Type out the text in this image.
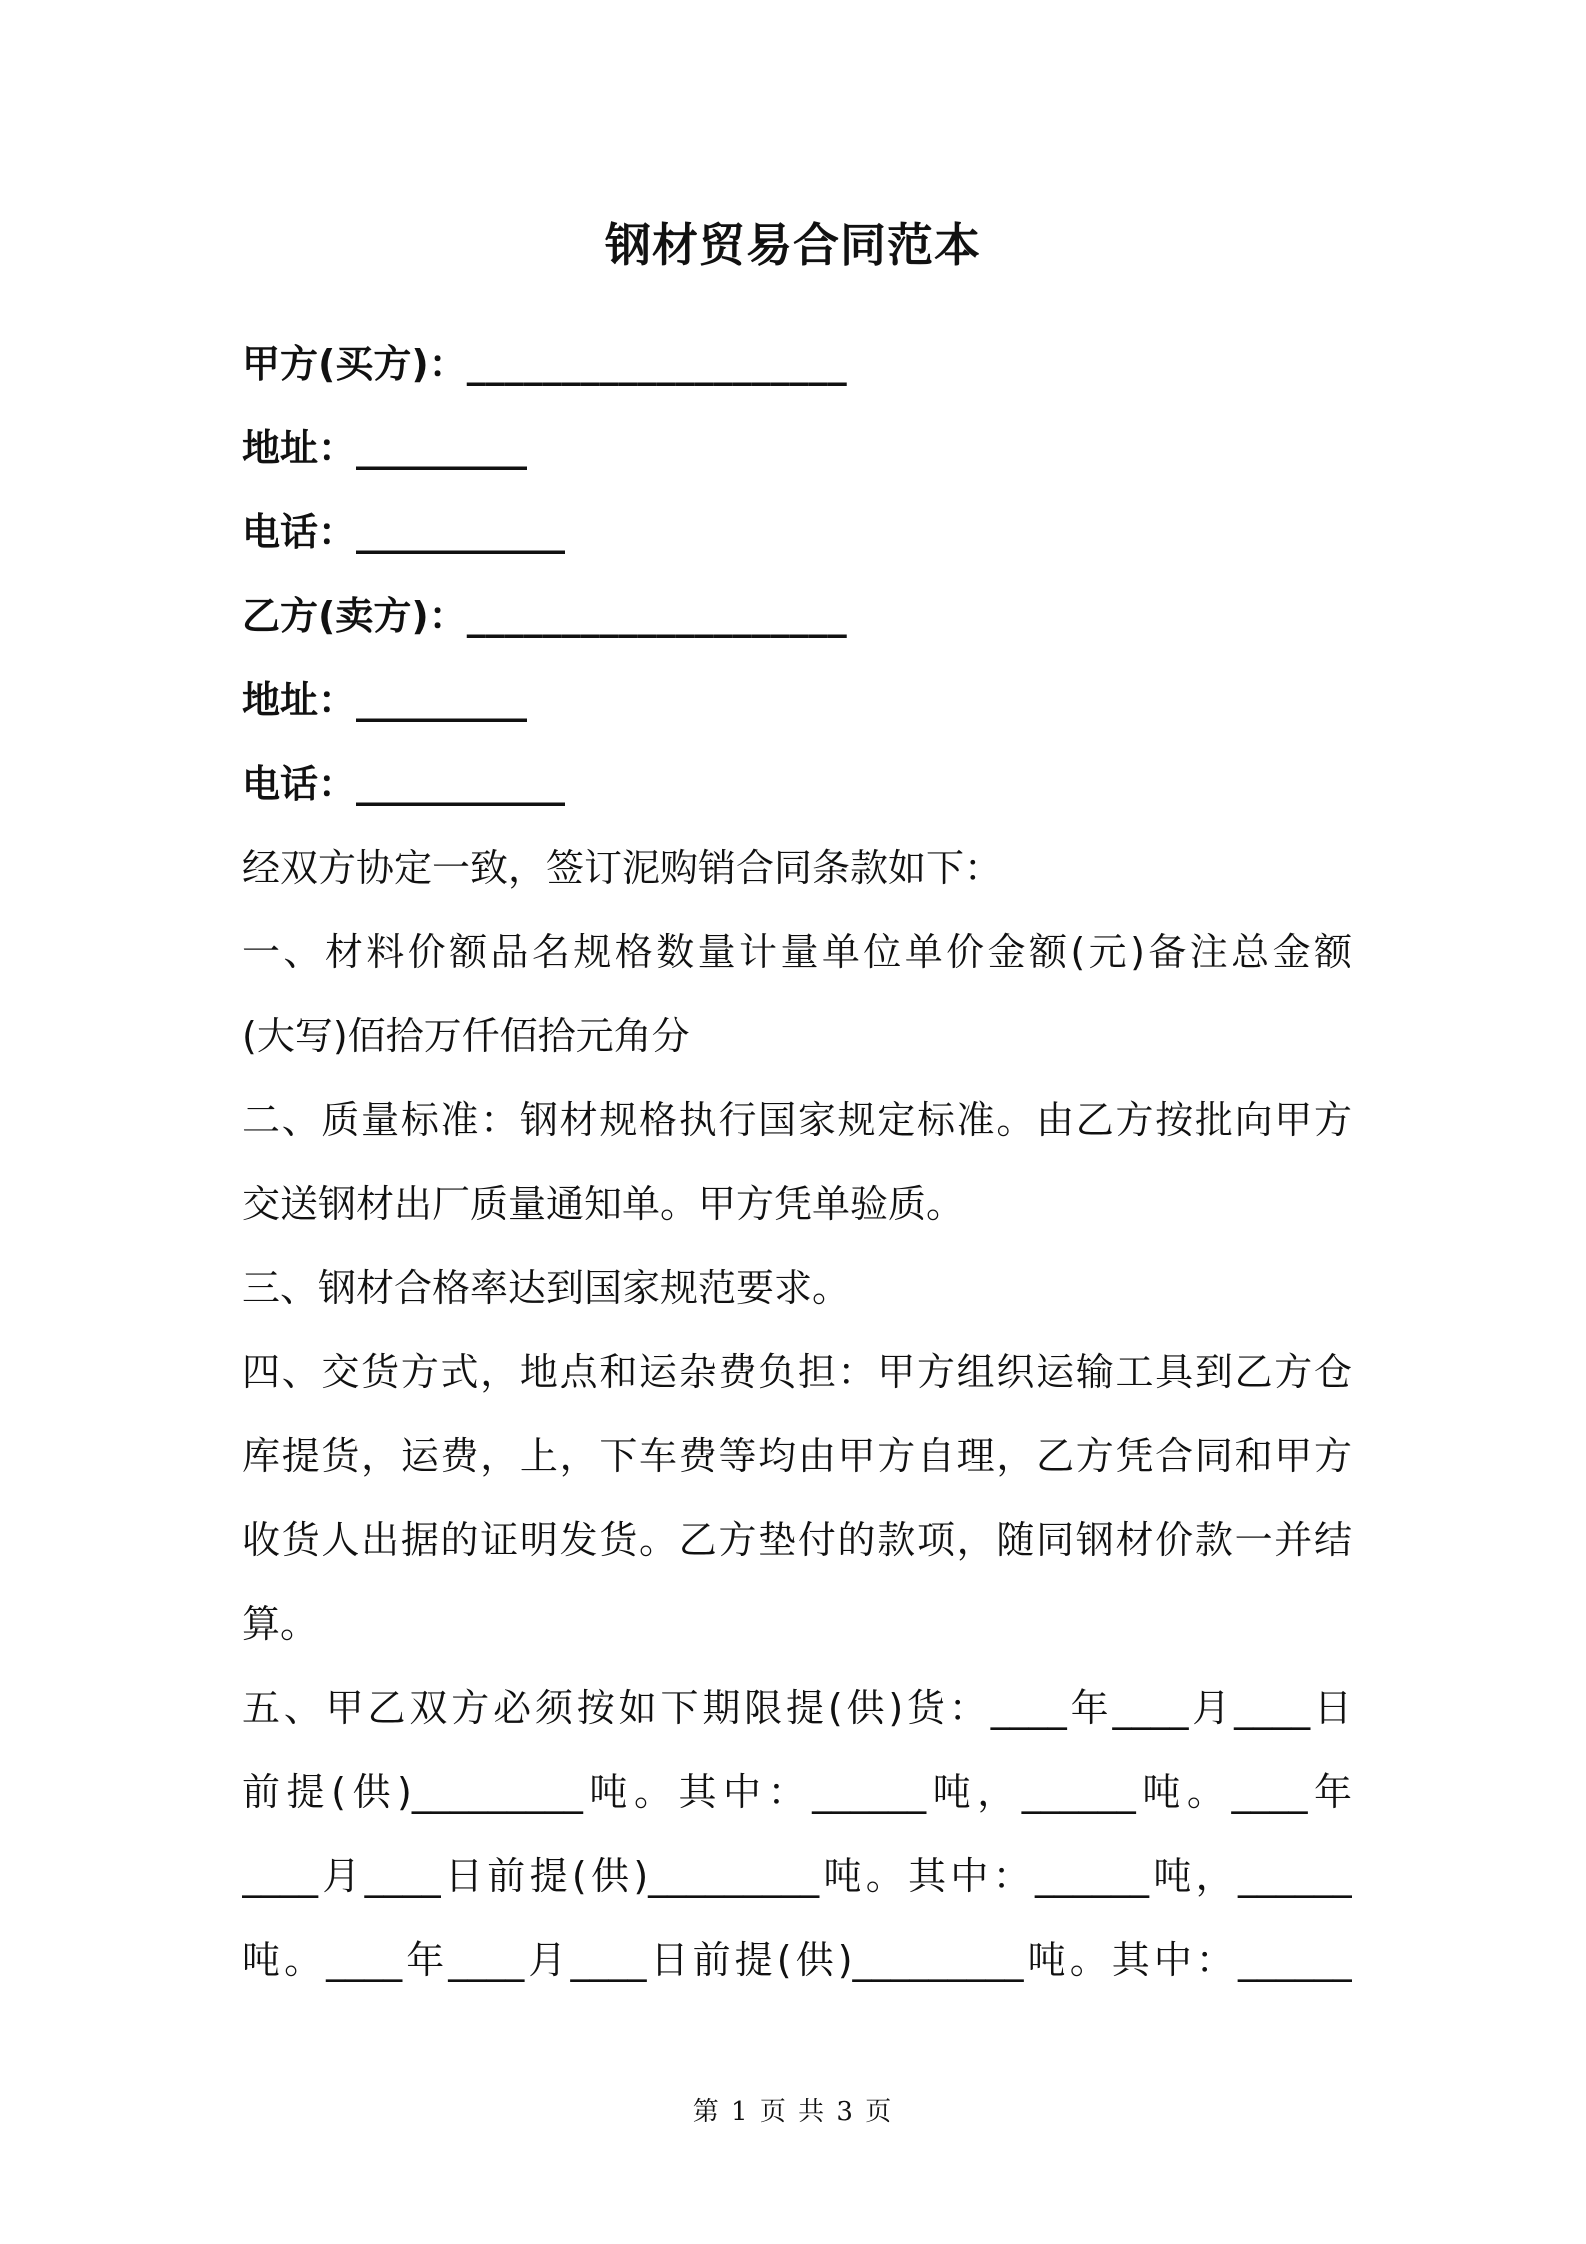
钢材贸易合同范本
甲方(买方)：____________________
地址：_________
电话：___________
乙方(卖方)：____________________
地址：_________
电话：___________
经双方协定一致，签订泥购销合同条款如下：
一、材料价额品名规格数量计量单位单价金额(元)备注总金额
(大写)佰拾万仟佰拾元角分
二、质量标准：钢材规格执行国家规定标准。由乙方按批向甲方
交送钢材出厂质量通知单。甲方凭单验质。
三、钢材合格率达到国家规范要求。
四、交货方式，地点和运杂费负担：甲方组织运输工具到乙方仓
库提货，运费，上，下车费等均由甲方自理，乙方凭合同和甲方
收货人出据的证明发货。乙方垫付的款项，随同钢材价款一并结
算。
五、甲乙双方必须按如下期限提(供)货：____年____月____日
前提(供)_________吨。其中：______吨，______吨。____年
____月____日前提(供)_________吨。其中：______吨，______
吨。____年____月____日前提(供)_________吨。其中：______
第 1 页 共 3 页
